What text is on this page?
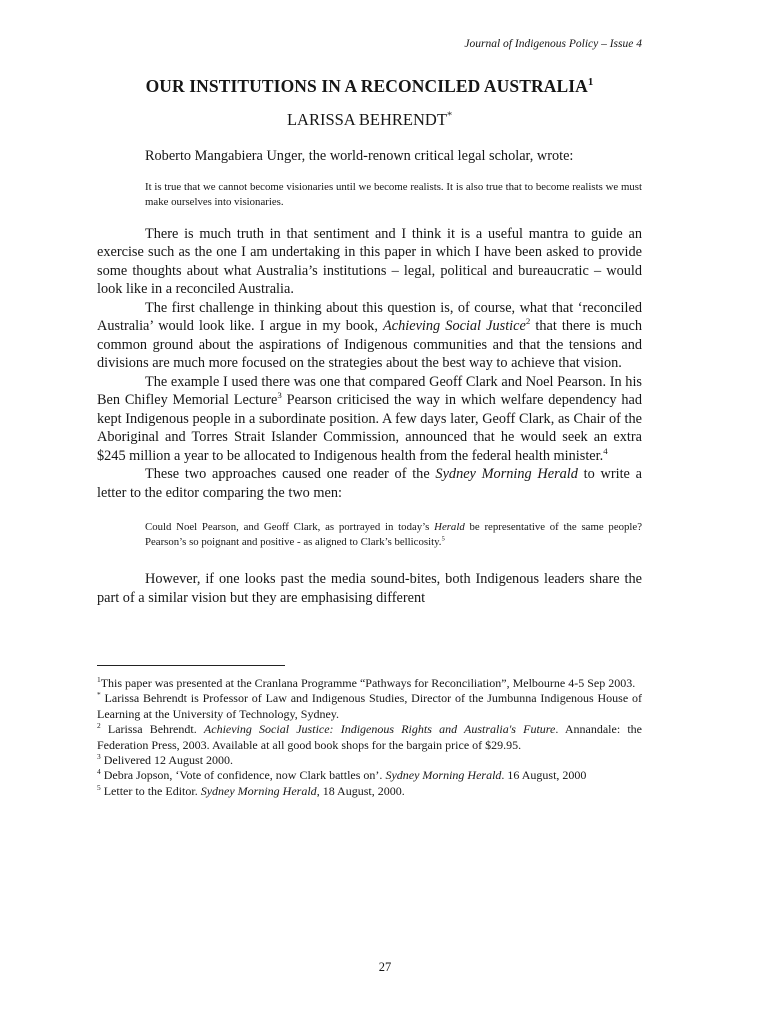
Journal of Indigenous Policy – Issue 4
OUR INSTITUTIONS IN A RECONCILED AUSTRALIA$^1$
LARISSA BEHRENDT*

Roberto Mangabiera Unger, the world-renown critical legal scholar, wrote:

It is true that we cannot become visionaries until we become realists. It is also true that to become realists we must make ourselves into visionaries.

There is much truth in that sentiment and I think it is a useful mantra to guide an exercise such as the one I am undertaking in this paper in which I have been asked to provide some thoughts about what Australia’s institutions – legal, political and bureaucratic – would look like in a reconciled Australia.

The first challenge in thinking about this question is, of course, what that ‘reconciled Australia’ would look like. I argue in my book, Achieving Social Justice$^2$ that there is much common ground about the aspirations of Indigenous communities and that the tensions and divisions are much more focused on the strategies about the best way to achieve that vision.

The example I used there was one that compared Geoff Clark and Noel Pearson. In his Ben Chifley Memorial Lecture$^3$ Pearson criticised the way in which welfare dependency had kept Indigenous people in a subordinate position. A few days later, Geoff Clark, as Chair of the Aboriginal and Torres Strait Islander Commission, announced that he would seek an extra $245 million a year to be allocated to Indigenous health from the federal health minister.$^4$

These two approaches caused one reader of the Sydney Morning Herald to write a letter to the editor comparing the two men:

Could Noel Pearson, and Geoff Clark, as portrayed in today’s Herald be representative of the same people? Pearson’s so poignant and positive - as aligned to Clark’s bellicosity.$^5$

However, if one looks past the media sound-bites, both Indigenous leaders share the part of a similar vision but they are emphasising different

$^1$This paper was presented at the Cranlana Programme “Pathways for Reconciliation”, Melbourne 4-5 Sep 2003.

* Larissa Behrendt is Professor of Law and Indigenous Studies, Director of the Jumbunna Indigenous House of Learning at the University of Technology, Sydney.

$^2$ Larissa Behrendt. Achieving Social Justice: Indigenous Rights and Australia's Future. Annandale: the Federation Press, 2003. Available at all good book shops for the bargain price of $29.95.

$^3$ Delivered 12 August 2000.

$^4$ Debra Jopson, ‘Vote of confidence, now Clark battles on’. Sydney Morning Herald. 16 August, 2000

$^5$ Letter to the Editor. Sydney Morning Herald, 18 August, 2000.

27
